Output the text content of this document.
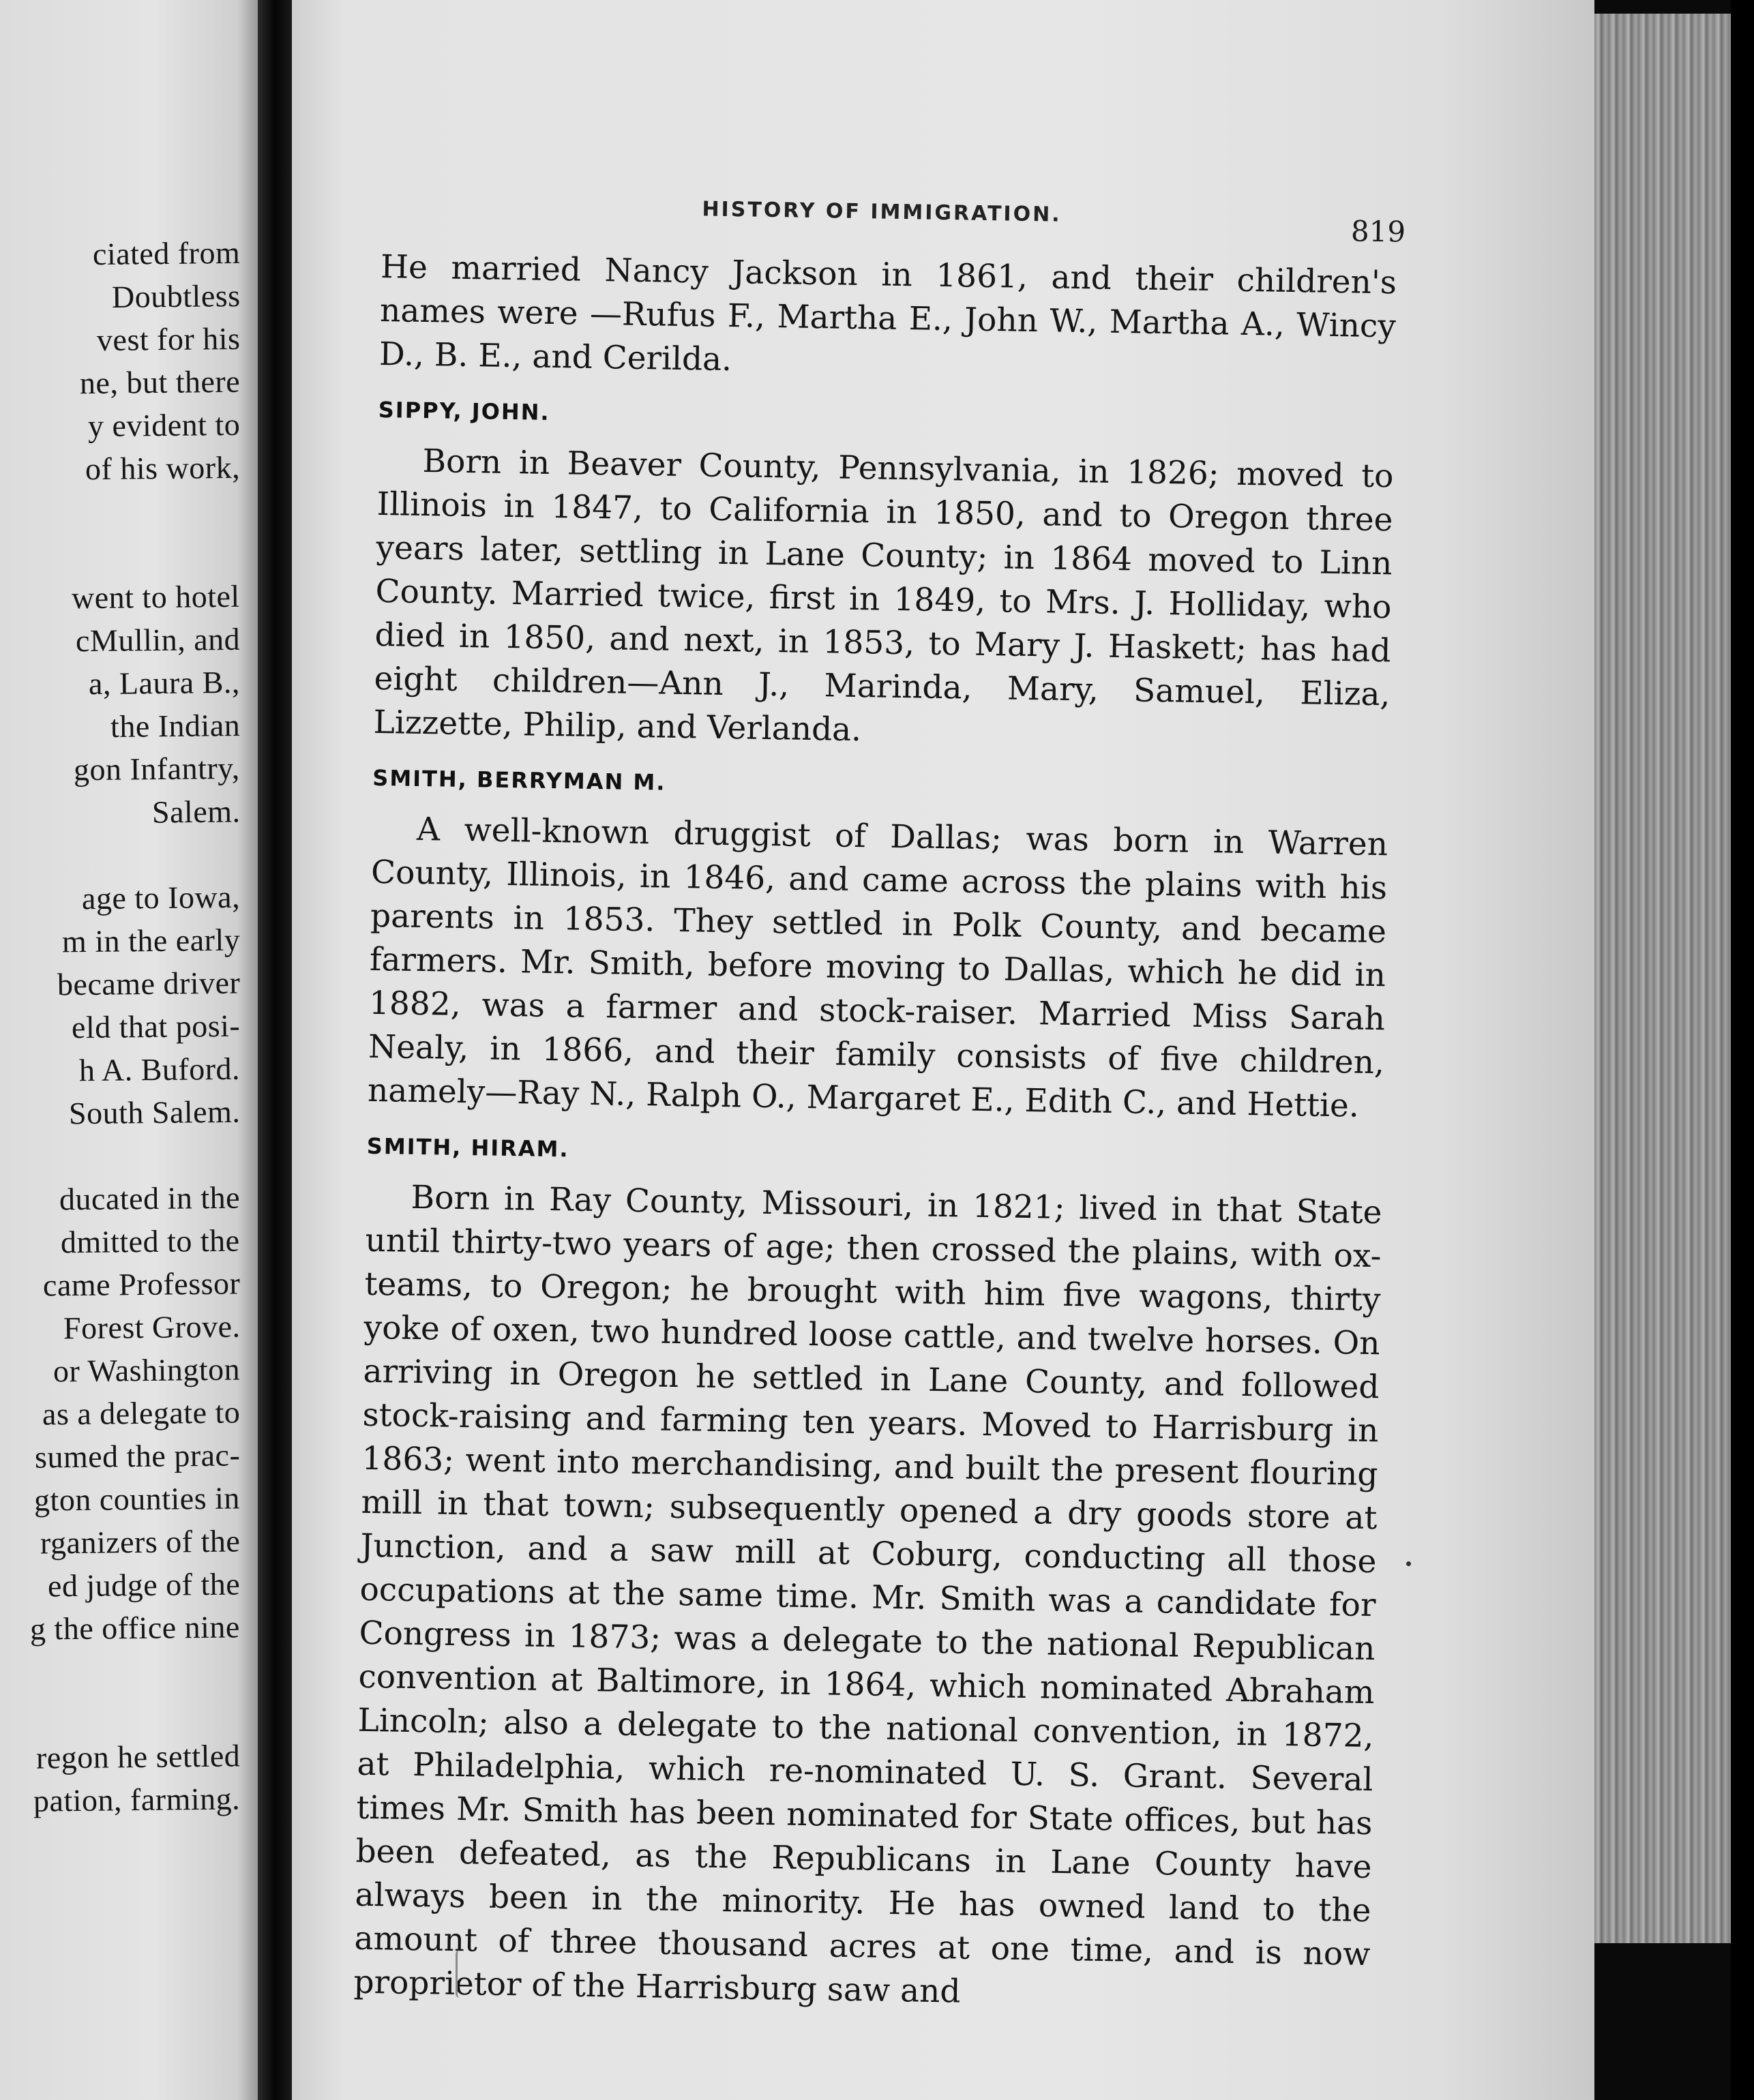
ciated from
Doubtless
vest for his
ne, but there
y evident to
of his work,
went to hotel
cMullin, and
a, Laura B.,
the Indian
gon Infantry,
Salem.
age to Iowa,
m in the early
became driver
eld that posi-
h A. Buford.
South Salem.
ducated in the
dmitted to the
came Professor
Forest Grove.
or Washington
as a delegate to
sumed the prac-
gton counties in
rganizers of the
ed judge of the
g the office nine
regon he settled
pation, farming.
HISTORY OF IMMIGRATION.
819

He married Nancy Jackson in 1861, and their children's names were —Rufus F., Martha E., John W., Martha A., Wincy D., B. E., and Cerilda.

SIPPY, JOHN.

Born in Beaver County, Pennsylvania, in 1826; moved to Illinois in 1847, to California in 1850, and to Oregon three years later, settling in Lane County; in 1864 moved to Linn County. Married twice, first in 1849, to Mrs. J. Holliday, who died in 1850, and next, in 1853, to Mary J. Haskett; has had eight children—Ann J., Marinda, Mary, Samuel, Eliza, Lizzette, Philip, and Verlanda.

SMITH, BERRYMAN M.

A well-known druggist of Dallas; was born in Warren County, Illinois, in 1846, and came across the plains with his parents in 1853. They settled in Polk County, and became farmers. Mr. Smith, before moving to Dallas, which he did in 1882, was a farmer and stock-raiser. Married Miss Sarah Nealy, in 1866, and their family consists of five children, namely—Ray N., Ralph O., Margaret E., Edith C., and Hettie.

SMITH, HIRAM.

Born in Ray County, Missouri, in 1821; lived in that State until thirty-two years of age; then crossed the plains, with ox-teams, to Oregon; he brought with him five wagons, thirty yoke of oxen, two hundred loose cattle, and twelve horses. On arriving in Oregon he settled in Lane County, and followed stock-raising and farming ten years. Moved to Harrisburg in 1863; went into merchandising, and built the present flouring mill in that town; subsequently opened a dry goods store at Junction, and a saw mill at Coburg, conducting all those occupations at the same time. Mr. Smith was a candidate for Congress in 1873; was a delegate to the national Republican convention at Baltimore, in 1864, which nominated Abraham Lincoln; also a delegate to the national convention, in 1872, at Philadelphia, which re-nominated U. S. Grant. Several times Mr. Smith has been nominated for State offices, but has been defeated, as the Republicans in Lane County have always been in the minority. He has owned land to the amount of three thousand acres at one time, and is now proprietor of the Harrisburg saw and
